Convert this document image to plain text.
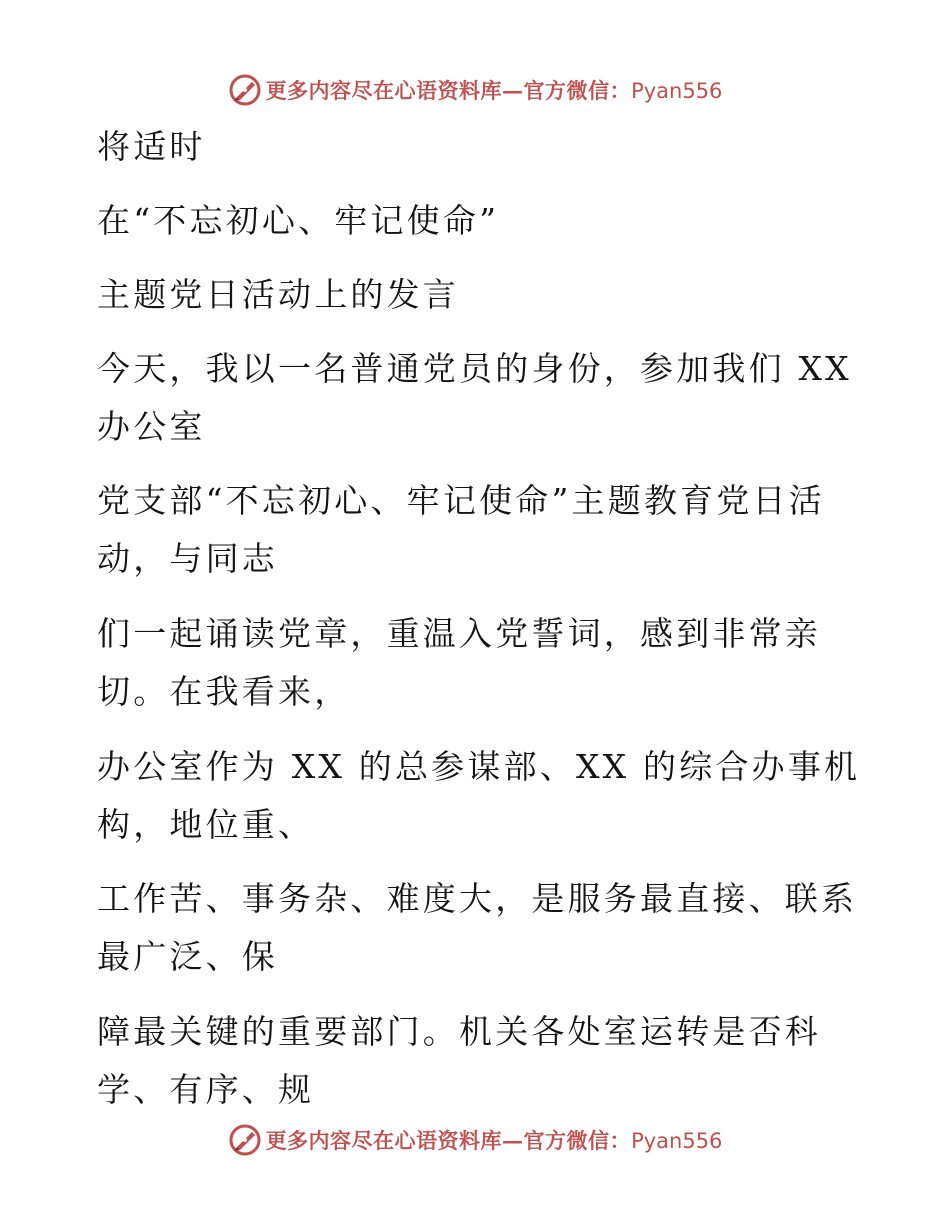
更多内容尽在心语资料库—官方微信：Pyan556
将适时
在“不忘初心、牢记使命”
主题党日活动上的发言
今天，我以一名普通党员的身份，参加我们 XX
办公室
党支部“不忘初心、牢记使命”主题教育党日活
动，与同志
们一起诵读党章，重温入党誓词，感到非常亲
切。在我看来，
办公室作为 XX 的总参谋部、XX 的综合办事机
构，地位重、
工作苦、事务杂、难度大，是服务最直接、联系
最广泛、保
障最关键的重要部门。机关各处室运转是否科
学、有序、规
更多内容尽在心语资料库—官方微信：Pyan556
